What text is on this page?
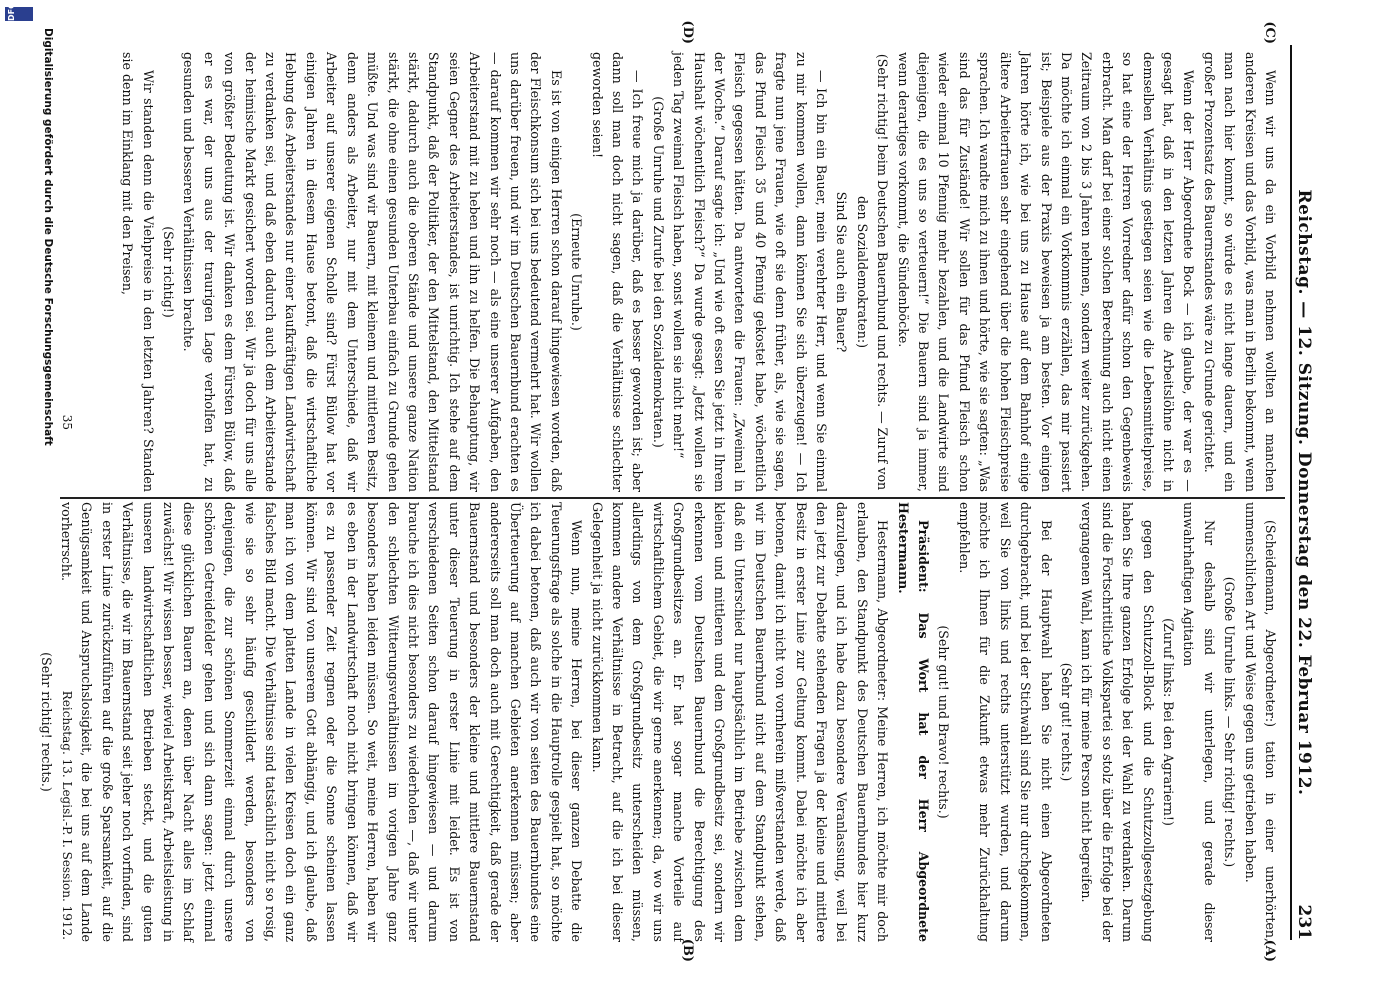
231
Reichstag. — 12. Sitzung. Donnerstag den 22. Februar 1912.

(Scheidemann, Abgeordneter:) tation in einer unerhörten, unmenschlichen Art und Weise gegen uns getrieben haben.

(Große Unruhe links. — Sehr richtig! rechts.)

Nur deshalb sind wir unterlegen, und gerade dieser unwahrhaftigen Agitation

(Zuruf links: Bei den Agrariern!)

gegen den Schutzzoll-Block und die Schutzzollgesetzgebung haben Sie Ihre ganzen Erfolge bei der Wahl zu verdanken. Darum sind die Fortschrittliche Volkspartei so stolz über die Erfolge bei der vergangenen Wahl, kann ich für meine Person nicht begreifen.

(Sehr gut! rechts.)

Bei der Hauptwahl haben Sie nicht einen Abgeordneten durchgebracht, und bei der Stichwahl sind Sie nur durchgekommen, weil Sie von links und rechts unterstützt wurden, und darum möchte ich Ihnen für die Zukunft etwas mehr Zurückhaltung empfehlen.

(Sehr gut! und Bravo! rechts.)

Präsident: Das Wort hat der Herr Abgeordnete Hestermann.

Hestermann, Abgeordneter: Meine Herren, ich möchte mir doch erlauben, den Standpunkt des Deutschen Bauernbundes hier kurz darzulegen, und ich habe dazu besondere Veranlassung, weil bei den jetzt zur Debatte stehenden Fragen ja der kleine und mittlere Besitz in erster Linie zur Geltung kommt. Dabei möchte ich aber betonen, damit ich nicht von vornherein mißverstanden werde, daß wir im Deutschen Bauernbund nicht auf dem Standpunkt stehen, daß ein Unterschied nur hauptsächlich im Betriebe zwischen dem kleinen und mittleren und dem Großgrundbesitz sei, sondern wir erkennen vom Deutschen Bauernbund die Berechtigung des Großgrundbesitzes an. Er hat sogar manche Vorteile auf wirtschaftlichem Gebiet, die wir gerne anerkennen; da, wo wir uns allerdings von dem Großgrundbesitz unterscheiden müssen, kommen andere Verhältnisse in Betracht, auf die ich bei dieser Gelegenheit ja nicht zurückkommen kann.

Wenn nun, meine Herren, bei dieser ganzen Debatte die Teuerungsfrage als solche in die Hauptrolle gespielt hat, so möchte ich dabei betonen, daß auch wir von seiten des Bauernbundes eine Überteuerung auf manchen Gebieten anerkennen müssen; aber andererseits soll man doch auch mit Gerechtigkeit, daß gerade der Bauernstand und besonders der kleine und mittlere Bauernstand unter dieser Teuerung in erster Linie mit leidet. Es ist von verschiedenen Seiten schon darauf hingewiesen — und darum brauche ich dies nicht besonders zu wiederholen —, daß wir unter den schlechten Witterungsverhältnissen im vorigen Jahre ganz besonders haben leiden müssen. So weit, meine Herren, haben wir es eben in der Landwirtschaft noch nicht bringen können, daß wir es zu passender Zeit regnen oder die Sonne scheinen lassen können. Wir sind von unserem Gott abhängig, und ich glaube, daß man ich von dem platten Lande in vielen Kreisen doch ein ganz falsches Bild macht. Die Verhältnisse sind tatsächlich nicht so rosig, wie sie so sehr häufig geschildert werden, besonders von denjenigen, die zur schönen Sommerzeit einmal durch unsere schönen Getreidefelder gehen und sich dann sagen: jetzt einmal diese glücklichen Bauern an, denen über Nacht alles im Schlaf zuwächst! Wir wissen besser, wieviel Arbeitskraft, Arbeitsleistung in unseren landwirtschaftlichen Betrieben steckt, und die guten Verhältnisse, die wir im Bauernstand seit jeher noch vorfinden, sind in erster Linie zurückzuführen auf die große Sparsamkeit, auf die Genügsamkeit und Anspruchslosigkeit, die bei uns auf dem Lande vorherrscht.

(Sehr richtig! rechts.)

Wenn wir uns da ein Vorbild nehmen wollten an manchen anderen Kreisen und das Vorbild, was man in Berlin bekommt, wenn man nach hier kommt, so würde es nicht lange dauern, und ein großer Prozentsatz des Bauernstandes wäre zu Grunde gerichtet.

Wenn der Herr Abgeordnete Bock — ich glaube, der war es — gesagt hat, daß in den letzten Jahren die Arbeitslöhne nicht in demselben Verhältnis gestiegen seien wie die Lebensmittelpreise, so hat eine der Herren Vorredner dafür schon den Gegenbeweis erbracht. Man darf bei einer solchen Berechnung auch nicht einen Zeitraum von 2 bis 3 Jahren nehmen, sondern weiter zurückgehen. Da möchte ich einmal ein Vorkommnis erzählen, das mir passiert ist; Beispiele aus der Praxis beweisen ja am besten. Vor einigen Jahren hörte ich, wie bei uns zu Hause auf dem Bahnhof einige ältere Arbeiterfrauen sehr eingehend über die hohen Fleischpreise sprachen. Ich wandte mich zu ihnen und hörte, wie sie sagten: „Was sind das für Zustände! Wir sollen für das Pfund Fleisch schon wieder einmal 10 Pfennig mehr bezahlen, und die Landwirte sind diejenigen, die es uns so verteuern!“ Die Bauern sind ja immer, wenn derartiges vorkommt, die Sündenböcke.

(Sehr richtig! beim Deutschen Bauernbund und rechts. — Zuruf von den Sozialdemokraten:)

Sind Sie auch ein Bauer?

— Ich bin ein Bauer, mein verehrter Herr, und wenn Sie einmal zu mir kommen wollen, dann können Sie sich überzeugen! — Ich fragte nun jene Frauen, wie oft sie denn früher, als, wie sie sagen, das Pfund Fleisch 35 und 40 Pfennig gekostet habe, wöchentlich Fleisch gegessen hätten. Da antworteten die Frauen: „Zweimal in der Woche.“ Darauf sagte ich: „Und wie oft essen Sie jetzt in Ihrem Haushalt wöchentlich Fleisch?“ Da wurde gesagt: „Jetzt wollen sie jeden Tag zweimal Fleisch haben, sonst wollen sie nicht mehr!“

(Große Unruhe und Zurufe bei den Sozialdemokraten.)

— Ich freue mich ja darüber, daß es besser geworden ist; aber dann soll man doch nicht sagen, daß die Verhältnisse schlechter geworden seien!

(Erneute Unruhe.)

Es ist von einigen Herren schon darauf hingewiesen worden, daß der Fleischkonsum sich bei uns bedeutend vermehrt hat. Wir wollen uns darüber freuen, und wir im Deutschen Bauernbund erachten es — darauf kommen wir sehr noch — als eine unserer Aufgaben, den Arbeiterstand mit zu heben und ihn zu helfen. Die Behauptung, wir seien Gegner des Arbeiterstandes, ist unrichtig. Ich stehe auf dem Standpunkt, daß der Politiker, der den Mittelstand, den Mittelstand stärkt, dadurch auch die oberen Stände und unsere ganze Nation stärkt, die ohne einen gesunden Unterbau einfach zu Grunde gehen müßte. Und was sind wir Bauern, mit kleinem und mittleren Besitz, denn anders als Arbeiter, nur mit dem Unterschiede, daß wir Arbeiter auf unserer eigenen Scholle sind? Fürst Bülow hat vor einigen Jahren in diesem Hause betont, daß die wirtschaftliche Hebung des Arbeiterstandes nur einer kaufkräftigen Landwirtschaft zu verdanken sei, und daß eben dadurch auch dem Arbeiterstande der heimische Markt gesichert worden sei. Wir ja doch für uns alle von größter Bedeutung ist. Wir danken es dem Fürsten Bülow, daß er es war, der uns aus der traurigen Lage verholfen hat, zu gesunden und besseren Verhältnissen brachte.

(Sehr richtig!)

Wir standen denn die Viehpreise in den letzten Jahren? Standen sie denn im Einklang mit den Preisen,

(A)
(B)
(C)
(D)
Reichstag. 13. Legisl.-P. I. Session. 1912.
35
Digitalisierung gefördert durch die Deutsche Forschungsgemeinschaft
DFG
